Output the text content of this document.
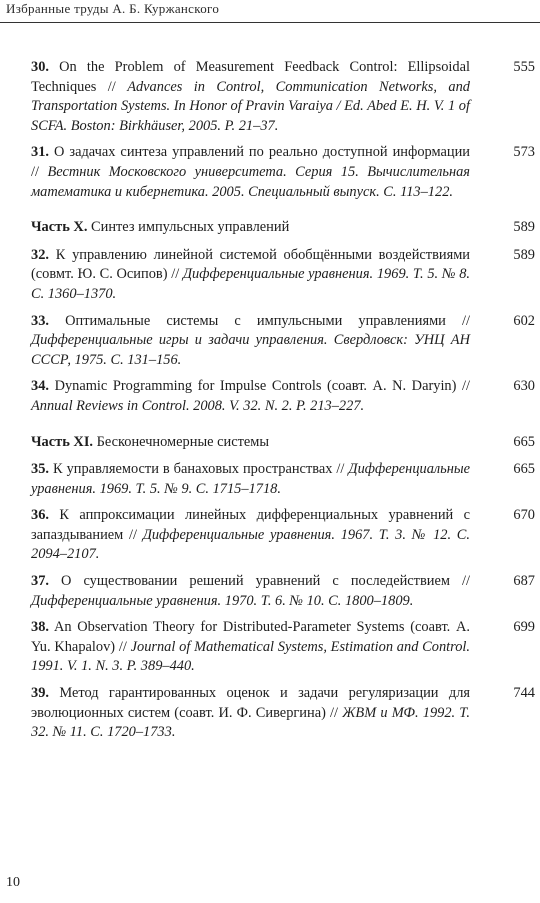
Избранные труды А. Б. Куржанского
30. On the Problem of Measurement Feedback Control: Ellipsoidal Techniques // Advances in Control, Communication Networks, and Transportation Systems. In Honor of Pravin Varaiya / Ed. Abed E. H. V. 1 of SCFA. Boston: Birkhäuser, 2005. P. 21–37.
555
31. О задачах синтеза управлений по реально доступной информации // Вестник Московского университета. Серия 15. Вычислительная математика и кибернетика. 2005. Специальный выпуск. С. 113–122.
573
Часть X. Синтез импульсных управлений	589
32. К управлению линейной системой обобщёнными воздействиями (совмт. Ю. С. Осипов) // Дифференциальные уравнения. 1969. Т. 5. № 8. С. 1360–1370.
589
33. Оптимальные системы с импульсными управлениями // Дифференциальные игры и задачи управления. Свердловск: УНЦ АН СССР, 1975. С. 131–156.
602
34. Dynamic Programming for Impulse Controls (соавт. A. N. Daryin) // Annual Reviews in Control. 2008. V. 32. N. 2. P. 213–227.
630
Часть XI. Бесконечномерные системы	665
35. К управляемости в банаховых пространствах // Дифференциальные уравнения. 1969. Т. 5. № 9. С. 1715–1718.
665
36. К аппроксимации линейных дифференциальных уравнений с запаздыванием // Дифференциальные уравнения. 1967. Т. 3. № 12. С. 2094–2107.
670
37. О существовании решений уравнений с последействием // Дифференциальные уравнения. 1970. Т. 6. № 10. С. 1800–1809.
687
38. An Observation Theory for Distributed-Parameter Systems (соавт. A. Yu. Khapalov) // Journal of Mathematical Systems, Estimation and Control. 1991. V. 1. N. 3. P. 389–440.
699
39. Метод гарантированных оценок и задачи регуляризации для эволюционных систем (соавт. И. Ф. Сивергина) // ЖВМ и МФ. 1992. Т. 32. № 11. С. 1720–1733.
744
10
